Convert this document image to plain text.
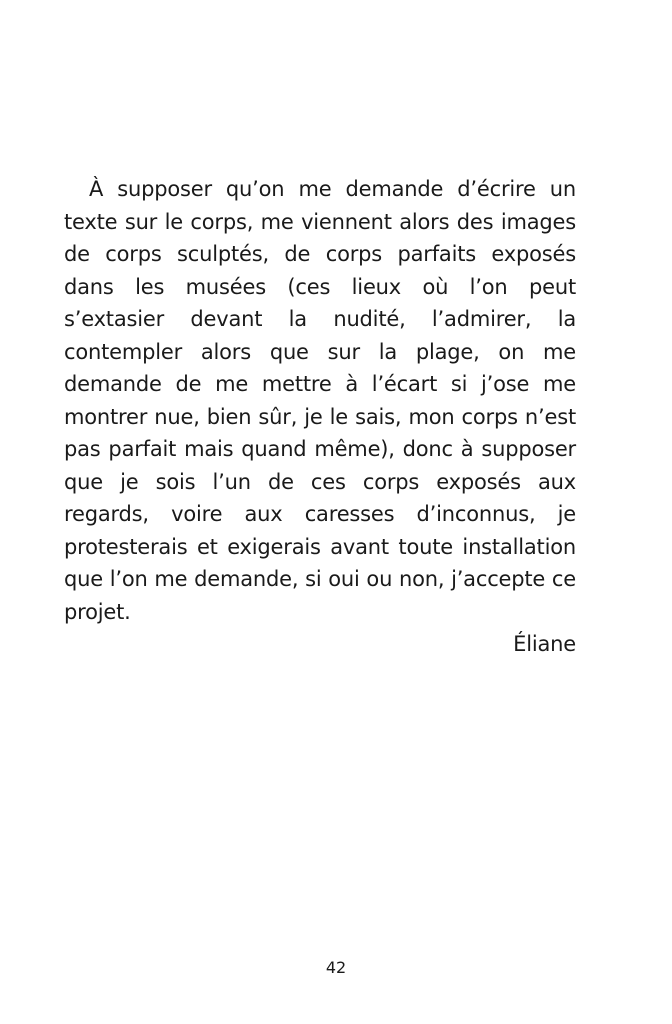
À supposer qu’on me demande d’écrire un texte sur le corps, me viennent alors des images de corps sculptés, de corps parfaits exposés dans les musées (ces lieux où l’on peut s’extasier devant la nudité, l’admirer, la contempler alors que sur la plage, on me demande de me mettre à l’écart si j’ose me montrer nue, bien sûr, je le sais, mon corps n’est pas parfait mais quand même), donc à supposer que je sois l’un de ces corps exposés aux regards, voire aux caresses d’inconnus, je protesterais et exigerais avant toute installation que l’on me demande, si oui ou non, j’accepte ce projet.

Éliane

42
